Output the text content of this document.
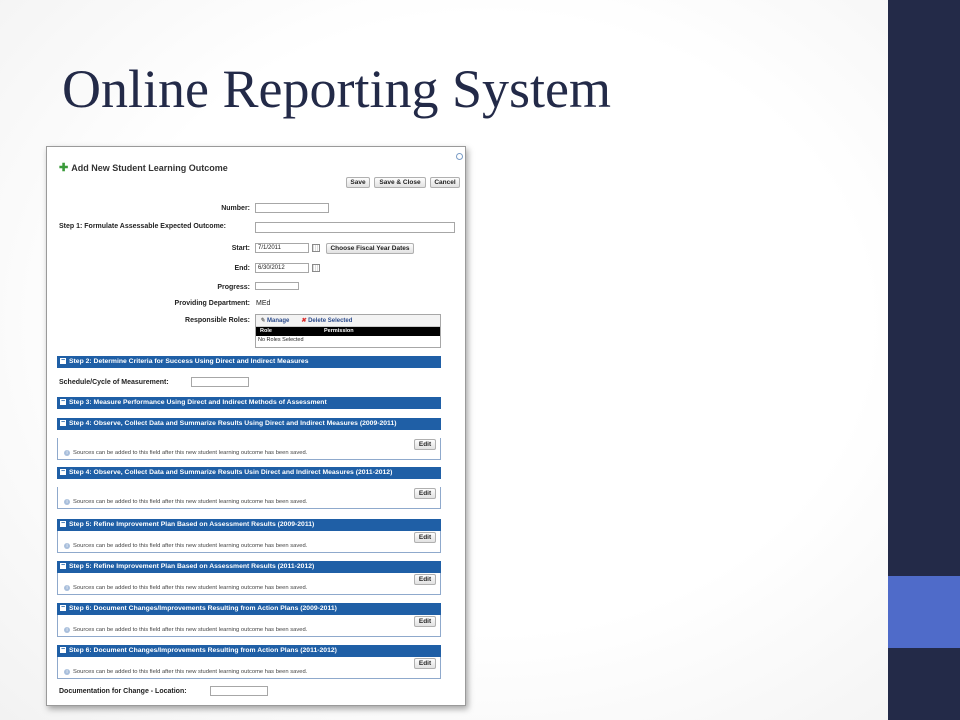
Online Reporting System
✚ Add New Student Learning Outcome
Save	Save & Close	Cancel
Number:
Step 1: Formulate Assessable Expected Outcome:
Start:	7/1/2011	Choose Fiscal Year Dates
End:	6/30/2012
Progress:
Providing Department: MEd
Responsible Roles:	✎ Manage ✖ Delete Selected
Role	Permission
No Roles Selected
− Step 2: Determine Criteria for Success Using Direct and Indirect Measures
Schedule/Cycle of Measurement:
− Step 3: Measure Performance Using Direct and Indirect Methods of Assessment
− Step 4: Observe, Collect Data and Summarize Results Using Direct and Indirect Measures (2009-2011)
Edit
i Sources can be added to this field after this new student learning outcome has been saved.
− Step 4: Observe, Collect Data and Summarize Results Usin Direct and Indirect Measures (2011-2012)
Edit
i Sources can be added to this field after this new student learning outcome has been saved.
− Step 5: Refine Improvement Plan Based on Assessment Results (2009-2011)
Edit
i Sources can be added to this field after this new student learning outcome has been saved.
− Step 5: Refine Improvement Plan Based on Assessment Results (2011-2012)
Edit
i Sources can be added to this field after this new student learning outcome has been saved.
− Step 6: Document Changes/Improvements Resulting from Action Plans (2009-2011)
Edit
i Sources can be added to this field after this new student learning outcome has been saved.
− Step 6: Document Changes/Improvements Resulting from Action Plans (2011-2012)
Edit
i Sources can be added to this field after this new student learning outcome has been saved.
Documentation for Change - Location:
